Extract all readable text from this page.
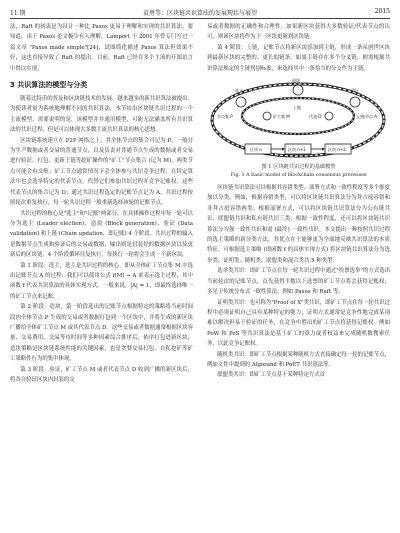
11 期	袁勇等：区块链共识算法的发展现状与展望	2015

法，Raft 的初衷是为设计一种比 Paxos 更易于理解和实现的共识算法。要知道，由于 Paxos 论文极少有人理解，Lamport 于 2001 年曾专门写过一篇文章 "Paxos made simple"[24]，试图简化描述 Paxos 算法但效果不好，这也直接导致了 Raft 的提出。目前，Raft 已经在多个主流的开源语言中得以实现。

3 共识算法的模型与分类

随着比特币的普及和区块链技术的发展，越来越多的新共识算法被提出。为使读者更为系统地理解不同的共识算法，本节给出区块链共识过程的一个主流模型，需要说明的是，该模型并非通用模型，可能无法涵盖所有共识算法的共识过程，但是可以体现大多数主流共识算法的核心思想。

区块链系统建立在 P2P 网络之上，其全体节点的集合可记为 P，一般分为生产数据或者交易的普通节点，以及负责对普通节点生成的数据或者交易进行验证、打包、更新上链等挖矿操作的"矿工"节点集合 (记为 M)，两类节点可能会有交集；矿工节点通常情况下会全体参与共识竞争过程，在特定算法中也会选举特定的代表节点，代替它们参加共识过程并竞争记账权。这些代表节点的集合记为 D；通过共识过程选定的记账节点记为 A。共识过程按照轮次重复执行，每一轮共识过程一般重新选择该轮的记账节点。

共识过程的核心是"选主"和"记账"两部分，在具体操作过程中每一轮可以分为选主 (Leader election)、造块 (Block generation)、验证 (Data validation) 和上链 (Chain updation，即记账) 4 个阶段。共识过程的输入是数据节点生成和验证后的交易或数据，输出则是封装好的数据区块以及更新后的区块链，4 个阶段循环往复执行，每执行一轮将会生成一个新区块。

第 1 阶段：选主，选主是共识过程的核心，即从全体矿工节点集 M 中选出记账节点 A 的过程：我们可以使用公式 f(M) → A 来表示选主过程，其中函数 f 代表共识算法的具体实现方式。一般来说，|A| = 1，即最终选择唯一的矿工节点来记账。

第 2 阶段：造块，第一阶段选出的记账节点根据特定的策略将当前时间段内全体节点 P 生成的交易或者数据打包到一个区块中，并将生成的新区块广播给全体矿工节点 M 或其代表节点 D。这些交易或者数据通常根据区块容量、交易费用、交易等待时间等多种因素综合排序后，依序打包进新区块，造块策略是区块链系统性能的关键因素，也是贪婪交易打包、自私挖矿等矿工策略性行为的集中体现。

第 3 阶段：验证，矿工节点 M 或者代表节点 D 收到广播的新区块后，将各自验证区块内封装的交

易或者数据的正确性和合理性。如果新区块获得大多数验证/代表节点的认可，则该区块将作为下一区块更新到区块链。

第 4 阶段：上链，记账节点将新区块添加到主链，形成一条从创世区块到最新区块的完整的、更长的链条。如果主链存在多个分叉链，则需根据共识算法规定的主链判别标准，来选择其中一条恰当的分支作为主链。

选主
造块
验证
上链
节点集 P	矿工集 M	代表 D	记账节点 A
区块 n	区块 n+1	区块 n+2
图 1 区块链共识过程的基础模型
Fig. 1 A basic model of blockchain consensus processes

区块链共识算法可以根据其容错类型、部署方式和一致性程度等多个维度加以分类。例如，根据容错类型，可以将区块链共识算法分为拜占庭容错和非拜占庭容错两类；根据部署方式，可以将区块链共识算法分为公有链共识、联盟链共识和私有链共识三类；根据一致性程度，还可以将区块链共识算法分为强一致性共识和弱 (最终) 一致性共识。本文提出一种按照共识过程的选主策略的新分类方法，其优点在于能够更为全面地反映共识算法的本质特征。可根据选主策略 (即函数 f 的具体实现方式) 将区块链共识算法分为选举类、证明类、随机类、联盟类和混合类共 5 种类型：

选举类共识：即矿工节点在每一轮共识过程中通过"投票选举"的方式选出当前轮次的记账节点，首先获得半数以上选票的矿工节点将会获得记账权，多见于传统分布式一致性算法，例如 Paxos 和 Raft 等。

证明类共识：也可称为"Proof of X"类共识，即矿工节点在每一轮共识过程中必须证明自己具有某种特定的能力，证明方式通常是竞争性地完成某项难以解决但易于验证的任务，在竞争中胜出的矿工节点将获得记账权。例如 PoW 和 PoS 等共识算法是基于矿工的算力或者权益来完成随机数搜索任务，以此竞争记账权。

随机类共识：即矿工节点根据某种随机方式直接确定每一轮的记账节点，例如文件中提到的 Algorand 和 PoET 共识算法等。

联盟类共识：即矿工节点基于某种特定方式首
